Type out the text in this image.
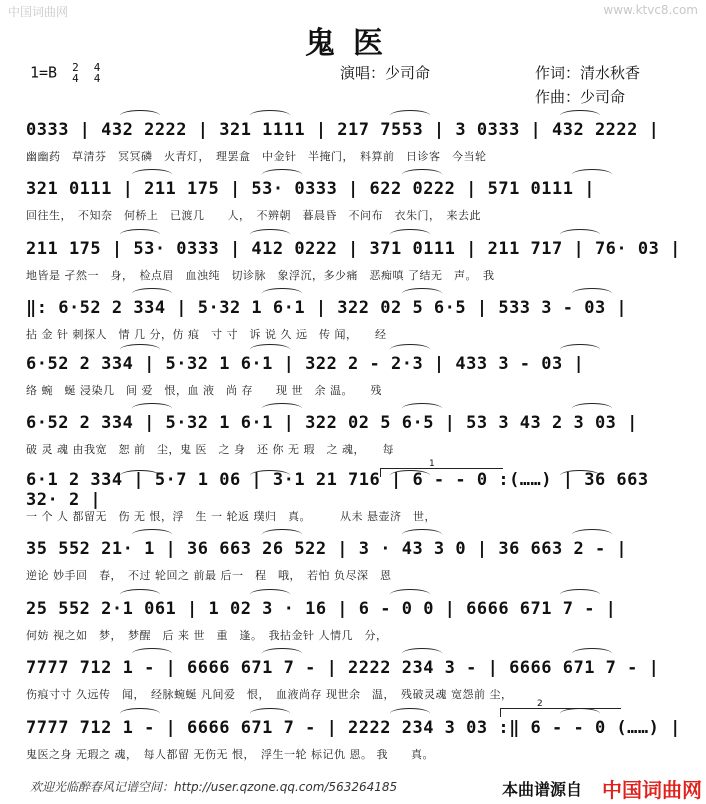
中国词曲网	www.ktvc8.com
鬼医
1=B 2
4

4
4	演唱：少司命	作词：清水秋香
作曲：少司命
0333 | 432 2222 | 321 1111 | 217 7553 | 3 0333 | 432 2222 |
幽幽药　草清芬　冥冥磷　火青灯，　理罢盒　中金针　半掩门，　料算前　日诊客　今当轮
321 0111 | 211 175 | 53· 0333 | 622 0222 | 571 0111 |
回往生，　不知奈　何桥上　已渡几　　人，　不辨朝　暮晨昏　不问布　衣朱门，　来去此
211 175 | 53· 0333 | 412 0222 | 371 0111 | 211 717 | 76· 03 |
地皆是 孑然一　身，　检点眉　血浊纯　切诊脉　象浮沉，多少痛　恶痴嗔 了结无　声。　我
‖: 6·52 2 334 | 5·32 1 6·1 | 322 02 5 6·5 | 533 3 - 03 |
拈 金 针 刺探人　情 几 分，仿 痕　寸 寸　诉 说 久 远　传 闻，　　经
6·52 2 334 | 5·32 1 6·1 | 322 2 - 2·3 | 433 3 - 03 |
络 蜿　蜒 浸染几　间 爱　恨，血 液　尚 存　　现 世　余 温。　　残
6·52 2 334 | 5·32 1 6·1 | 322 02 5 6·5 | 53 3 43 2 3 03 |
破 灵 魂 由我宽　恕 前　尘，鬼 医　之 身　还 你 无 瑕　之 魂，　　每
6·1 2 334 | 5·7 1 06 | 3·1 21 716 | 6 - - 0 :(……) | 36 663 32· 2 |
一 个 人 都留无　伤 无 恨，浮　生 一 轮返 璞归　真。　　　从未 悬壶济　世，
35 552 21· 1 | 36 663 26 522 | 3 · 43 3 0 | 36 663 2 - |
逆论 妙手回　春，　不过 轮回之 前最 后一　程　哦，　若怕 负尽深　恩
25 552 2·1 061 | 1 02 3 · 16 | 6 - 0 0 | 6666 671 7 - |
何妨 视之如　梦，　梦醒　后 来 世　重　逢。　我拈金针 人情几　分，
7777 712 1 - | 6666 671 7 - | 2222 234 3 - | 6666 671 7 - |
伤痕寸寸 久远传　闻，　经脉蜿蜒 凡间爱　恨，　血液尚存 现世余　温，　残破灵魂 宽怨前 尘，
7777 712 1 - | 6666 671 7 - | 2222 234 3 03 :‖ 6 - - 0 (……) |
鬼医之身 无瑕之 魂，　每人都留 无伤无 恨，　浮生一轮 标记仇 恩。 我　　真。
1
2
欢迎光临醉春风记谱空间：http://user.qzone.qq.com/563264185	本曲谱源自 中国词曲网
